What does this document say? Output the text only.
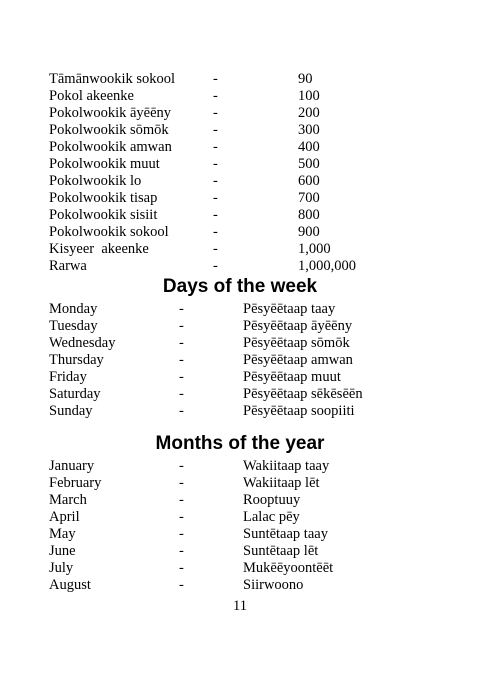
Tāmānwookik sokool	-	90
Pokol akeenke	-	100
Pokolwookik āyēēny	-	200
Pokolwookik sōmōk	-	300
Pokolwookik amwan	-	400
Pokolwookik muut	-	500
Pokolwookik lo	-	600
Pokolwookik tisap	-	700
Pokolwookik sisiit	-	800
Pokolwookik sokool	-	900
Kisyeer  akeenke	-	1,000
Rarwa	-	1,000,000
Days of the week
Monday	-	Pēsyēētaap taay
Tuesday	-	Pēsyēētaap āyēēny
Wednesday	-	Pēsyēētaap sōmōk
Thursday	-	Pēsyēētaap amwan
Friday	-	Pēsyēētaap muut
Saturday	-	Pēsyēētaap sēkēsēēn
Sunday	-	Pēsyēētaap soopiiti
Months of the year
January	-	Wakiitaap taay
February	-	Wakiitaap lēt
March	-	Rooptuuy
April	-	Lalac pēy
May	-	Suntētaap taay
June	-	Suntētaap lēt
July	-	Mukēēyoontēēt
August	-	Siirwoono
11
